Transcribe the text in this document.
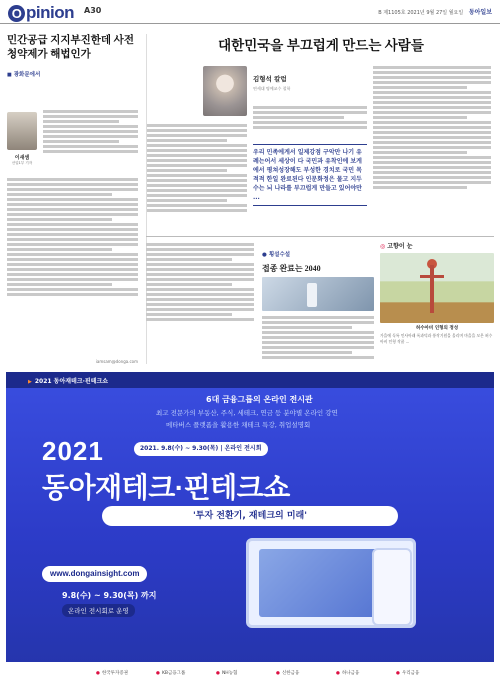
O pinion A30	B 제1105호 2021년 9월 27일 월요일 동아일보
민간공급 지지부진한데 사전청약제가 해법인가
■ 광화문에서
이새샘
산업1부 기자
iamsam@donga.com
대한민국을 부끄럽게 만드는 사람들
김형석 칼럼
연세대 명예교수 철학
우리 민족에게서 일제강점 구악만 나기 유례는어서 세상이 다 국민과 유착인에 보게에서 평쳐성장해도 부성한 경치로 국민 목적적 한일 완료된다 인문화정은 물고 지두수는 뇌 나라를 부끄럽게 만들고 있어야만 ...
● 횡설수설
접종 완료는 2040
◎ 고향이 눈
허수아비 인형의 정성
가을에 독특 인사아래 폭과덕과 풍작기원을 올리며 마을을 모은 허수아비 인형 작품 ...
▶ 2021 동아재테크·핀테크쇼
6대 금융그룹의 온라인 전시관
최고 전문가의 부동산, 주식, 세테크, 연금 등 분야별 온라인 강연
메타버스 플랫폼을 활용한 채테크 특강, 취업설명회
2021	2021. 9.8(수) ~ 9.30(목) | 온라인 전시회
동아재테크·핀테크쇼
'투자 전환기, 재테크의 미래'
www.dongainsight.com
9.8(수) ~ 9.30(목) 까지
온라인 전시회로 운영
● 한국투자증권	● KB금융그룹	● NH농협	● 신한금융	● 하나금융	● 우리금융
